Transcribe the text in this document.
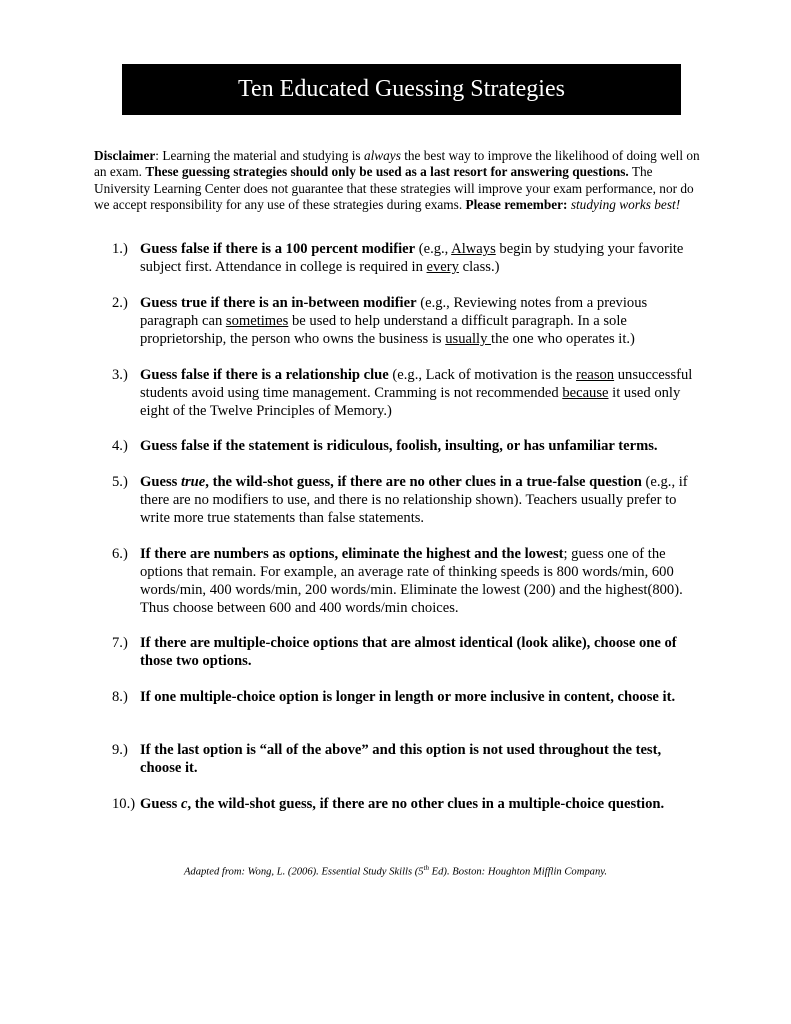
Ten Educated Guessing Strategies
Disclaimer: Learning the material and studying is always the best way to improve the likelihood of doing well on an exam. These guessing strategies should only be used as a last resort for answering questions. The University Learning Center does not guarantee that these strategies will improve your exam performance, nor do we accept responsibility for any use of these strategies during exams. Please remember: studying works best!
1.) Guess false if there is a 100 percent modifier (e.g., Always begin by studying your favorite subject first. Attendance in college is required in every class.)
2.) Guess true if there is an in-between modifier (e.g., Reviewing notes from a previous paragraph can sometimes be used to help understand a difficult paragraph. In a sole proprietorship, the person who owns the business is usually the one who operates it.)
3.) Guess false if there is a relationship clue (e.g., Lack of motivation is the reason unsuccessful students avoid using time management. Cramming is not recommended because it used only eight of the Twelve Principles of Memory.)
4.) Guess false if the statement is ridiculous, foolish, insulting, or has unfamiliar terms.
5.) Guess true, the wild-shot guess, if there are no other clues in a true-false question (e.g., if there are no modifiers to use, and there is no relationship shown). Teachers usually prefer to write more true statements than false statements.
6.) If there are numbers as options, eliminate the highest and the lowest; guess one of the options that remain. For example, an average rate of thinking speeds is 800 words/min, 600 words/min, 400 words/min, 200 words/min. Eliminate the lowest (200) and the highest(800). Thus choose between 600 and 400 words/min choices.
7.) If there are multiple-choice options that are almost identical (look alike), choose one of those two options.
8.) If one multiple-choice option is longer in length or more inclusive in content, choose it.
9.) If the last option is “all of the above” and this option is not used throughout the test, choose it.
10.) Guess c, the wild-shot guess, if there are no other clues in a multiple-choice question.
Adapted from: Wong, L. (2006). Essential Study Skills (5th Ed). Boston: Houghton Mifflin Company.
